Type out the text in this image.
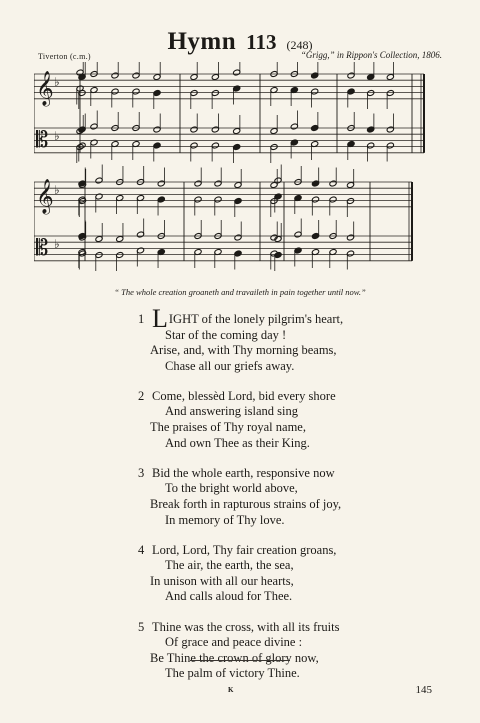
Hymn 113 (248)
Tiverton (c.m.)	“Grigg,” in Rippon's Collection, 1806.
𝄞 ♭
𝄡 ♭
𝄞 ♭
𝄡 ♭
“ The whole creation groaneth and travaileth in pain together until now.”
1 LIGHT of the lonely pilgrim's heart,
Star of the coming day !
Arise, and, with Thy morning beams,
Chase all our griefs away.
2 Come, blessèd Lord, bid every shore
And answering island sing
The praises of Thy royal name,
And own Thee as their King.
3 Bid the whole earth, responsive now
To the bright world above,
Break forth in rapturous strains of joy,
In memory of Thy love.
4 Lord, Lord, Thy fair creation groans,
The air, the earth, the sea,
In unison with all our hearts,
And calls aloud for Thee.
5 Thine was the cross, with all its fruits
Of grace and peace divine :
Be Thine the crown of glory now,
The palm of victory Thine.
K	145
